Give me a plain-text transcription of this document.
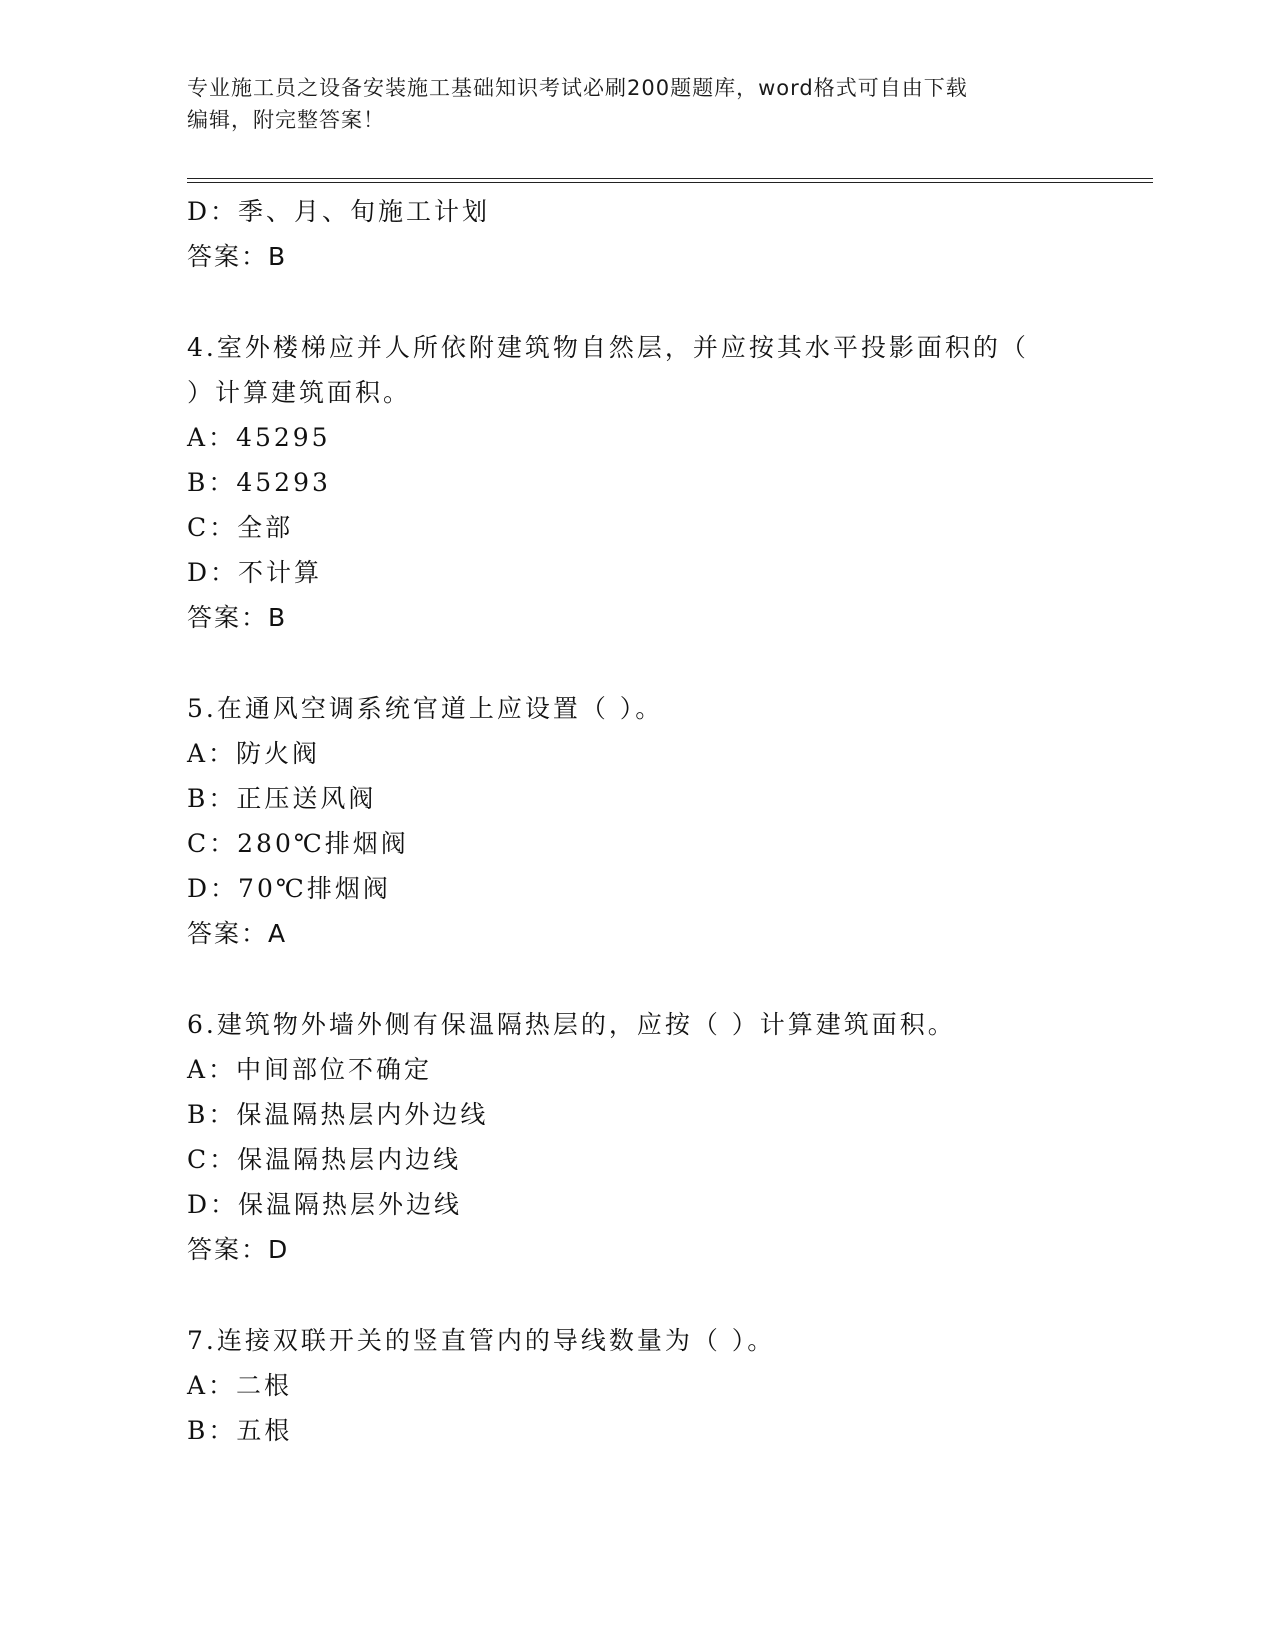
专业施工员之设备安装施工基础知识考试必刷200题题库，word格式可自由下载
编辑，附完整答案！
D：季、月、旬施工计划
答案：B
4.室外楼梯应并人所依附建筑物自然层，并应按其水平投影面积的（
）计算建筑面积。
A：45295
B：45293
C：全部
D：不计算
答案：B
5.在通风空调系统官道上应设置（ ）。
A：防火阀
B：正压送风阀
C：280℃排烟阀
D：70℃排烟阀
答案：A
6.建筑物外墙外侧有保温隔热层的，应按（ ）计算建筑面积。
A：中间部位不确定
B：保温隔热层内外边线
C：保温隔热层内边线
D：保温隔热层外边线
答案：D
7.连接双联开关的竖直管内的导线数量为（ ）。
A：二根
B：五根
